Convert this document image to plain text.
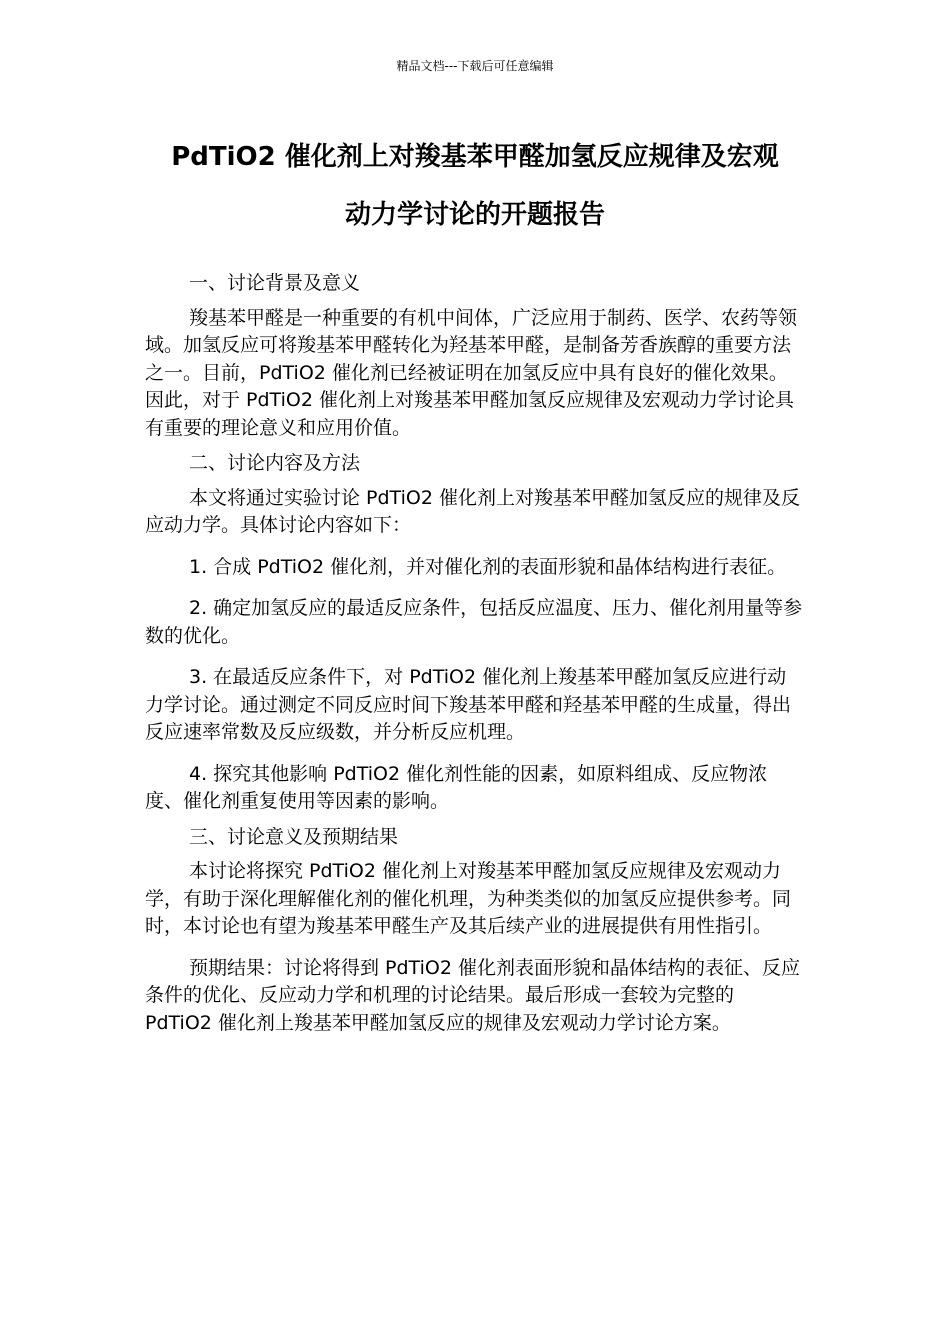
精品文档---下载后可任意编辑
PdTiO2 催化剂上对羧基苯甲醛加氢反应规律及宏观
动力学讨论的开题报告

一、讨论背景及意义

羧基苯甲醛是一种重要的有机中间体，广泛应用于制药、医学、农药等领域。加氢反应可将羧基苯甲醛转化为羟基苯甲醛，是制备芳香族醇的重要方法之一。目前，PdTiO2 催化剂已经被证明在加氢反应中具有良好的催化效果。因此，对于 PdTiO2 催化剂上对羧基苯甲醛加氢反应规律及宏观动力学讨论具有重要的理论意义和应用价值。

二、讨论内容及方法

本文将通过实验讨论 PdTiO2 催化剂上对羧基苯甲醛加氢反应的规律及反应动力学。具体讨论内容如下：

1. 合成 PdTiO2 催化剂，并对催化剂的表面形貌和晶体结构进行表征。

2. 确定加氢反应的最适反应条件，包括反应温度、压力、催化剂用量等参数的优化。

3. 在最适反应条件下，对 PdTiO2 催化剂上羧基苯甲醛加氢反应进行动力学讨论。通过测定不同反应时间下羧基苯甲醛和羟基苯甲醛的生成量，得出反应速率常数及反应级数，并分析反应机理。

4. 探究其他影响 PdTiO2 催化剂性能的因素，如原料组成、反应物浓度、催化剂重复使用等因素的影响。

三、讨论意义及预期结果

本讨论将探究 PdTiO2 催化剂上对羧基苯甲醛加氢反应规律及宏观动力学，有助于深化理解催化剂的催化机理，为种类类似的加氢反应提供参考。同时，本讨论也有望为羧基苯甲醛生产及其后续产业的进展提供有用性指引。

预期结果：讨论将得到 PdTiO2 催化剂表面形貌和晶体结构的表征、反应条件的优化、反应动力学和机理的讨论结果。最后形成一套较为完整的 PdTiO2 催化剂上羧基苯甲醛加氢反应的规律及宏观动力学讨论方案。
